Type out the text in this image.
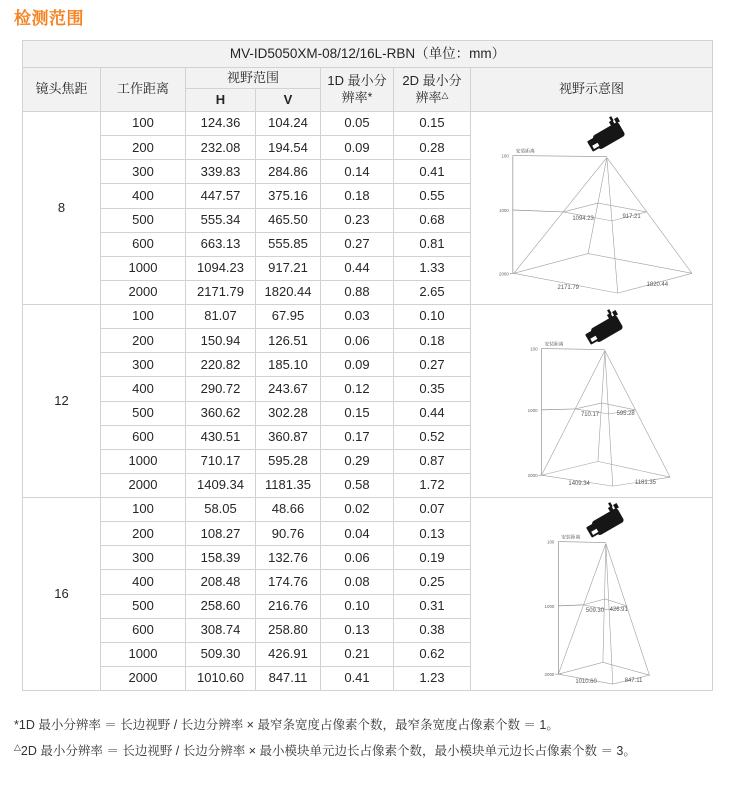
检测范围
MV-ID5050XM-08/12/16L-RBN（单位：mm）						
镜头焦距	工作距离	视野范围		1D 最小分辨率*	2D 最小分辨率△	视野示意图
		H	V			
8	100	124.36	104.24	0.05	0.15	
1094.23	917.21
2171.79	1820.44
100
1000
2000
安装距离

	200	232.08	194.54	0.09	0.28	
	300	339.83	284.86	0.14	0.41	
	400	447.57	375.16	0.18	0.55	
	500	555.34	465.50	0.23	0.68	
	600	663.13	555.85	0.27	0.81	
	1000	1094.23	917.21	0.44	1.33	
	2000	2171.79	1820.44	0.88	2.65	
12	100	81.07	67.95	0.03	0.10	
710.17	595.28
1409.34	1181.35
100
1000
2000
安装距离

	200	150.94	126.51	0.06	0.18	
	300	220.82	185.10	0.09	0.27	
	400	290.72	243.67	0.12	0.35	
	500	360.62	302.28	0.15	0.44	
	600	430.51	360.87	0.17	0.52	
	1000	710.17	595.28	0.29	0.87	
	2000	1409.34	1181.35	0.58	1.72	
16	100	58.05	48.66	0.02	0.07	
509.30 426.91
1010.60	847.11
100
1000
2000
安装距离

	200	108.27	90.76	0.04	0.13	
	300	158.39	132.76	0.06	0.19	
	400	208.48	174.76	0.08	0.25	
	500	258.60	216.76	0.10	0.31	
	600	308.74	258.80	0.13	0.38	
	1000	509.30	426.91	0.21	0.62	
	2000	1010.60	847.11	0.41	1.23	

*1D 最小分辨率 ＝ 长边视野 / 长边分辨率 × 最窄条宽度占像素个数，最窄条宽度占像素个数 ＝ 1。

△2D 最小分辨率 ＝ 长边视野 / 长边分辨率 × 最小模块单元边长占像素个数，最小模块单元边长占像素个数 ＝ 3。
